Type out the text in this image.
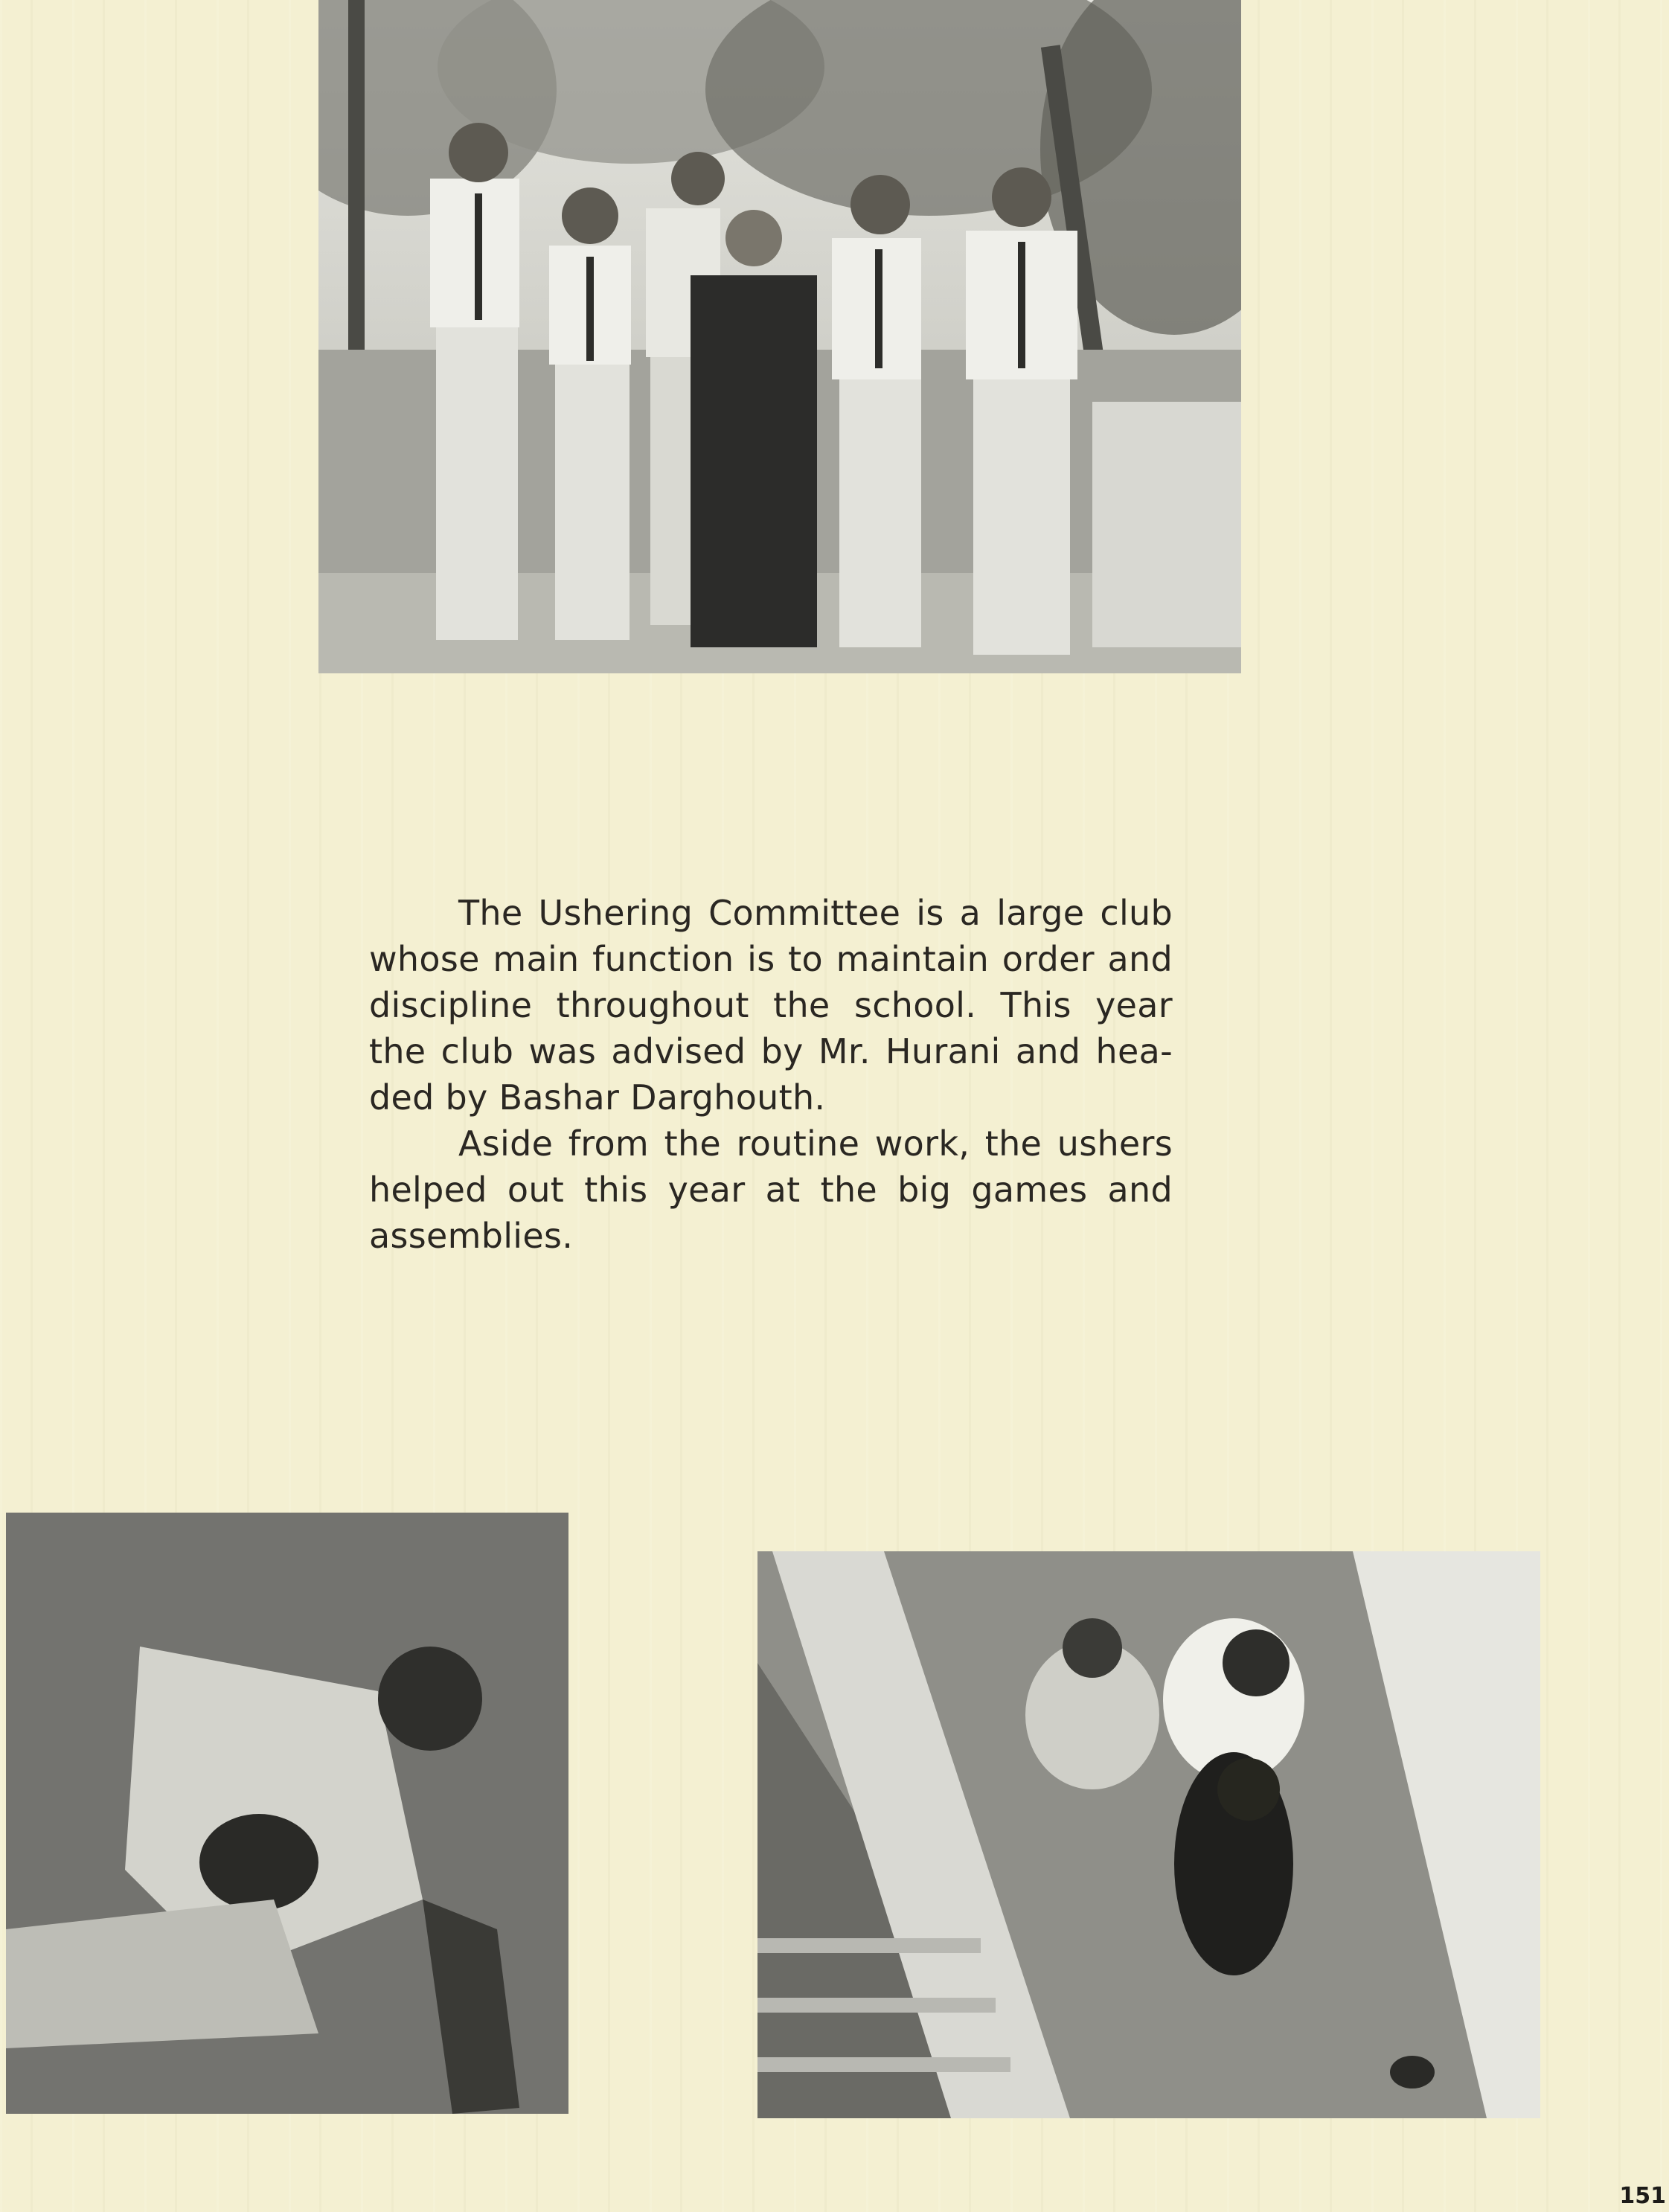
The Ushering Committee is a large club whose main function is to maintain order and discipline throughout the school. This year the club was advised by Mr. Hurani and hea-ded by Bashar Darghouth.

Aside from the routine work, the ushers helped out this year at the big games and assemblies.

151
